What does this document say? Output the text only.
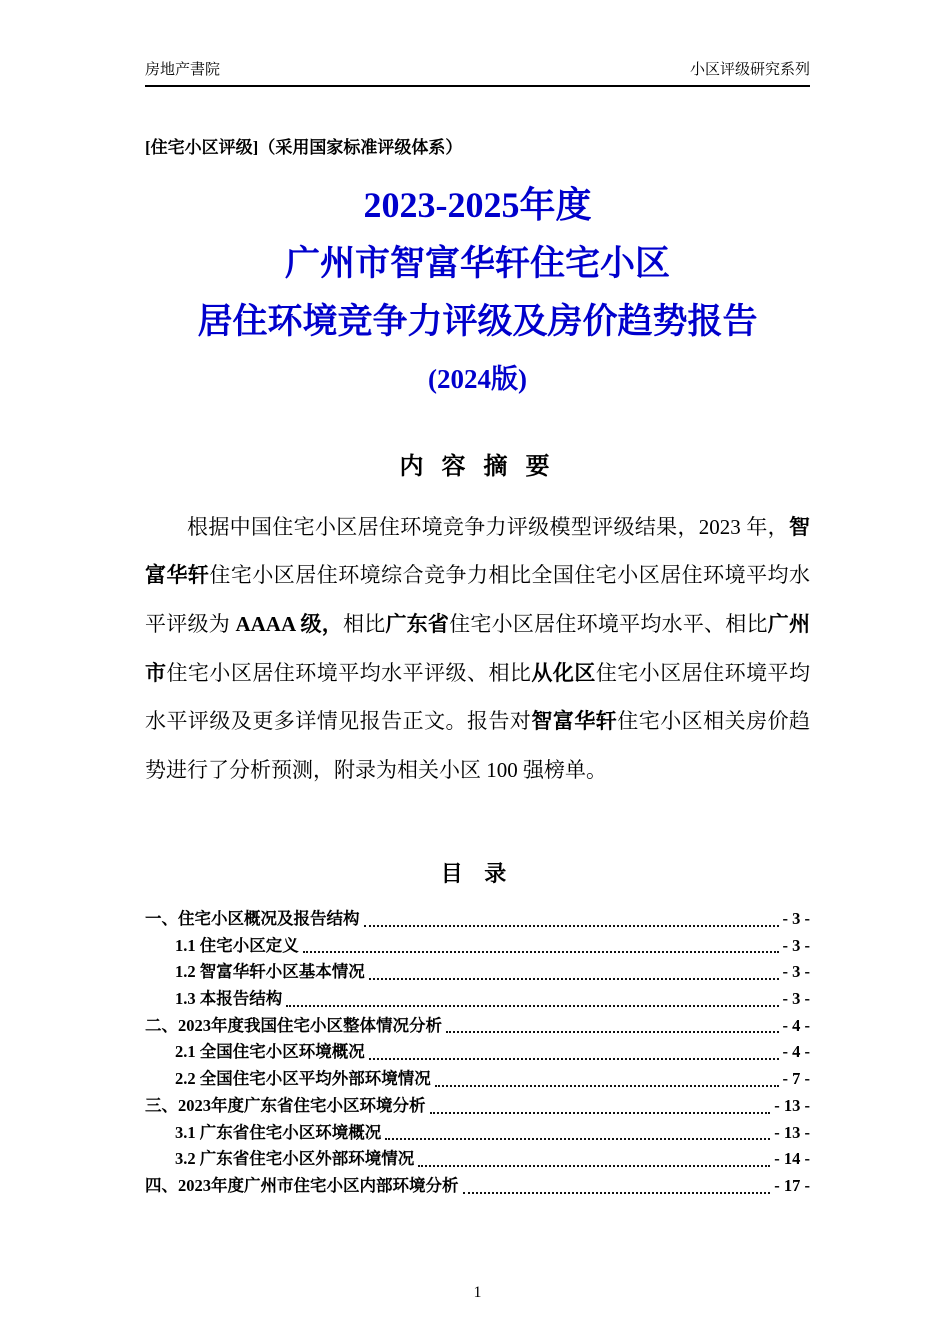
房地产書院	小区评级研究系列
[住宅小区评级]（采用国家标准评级体系）
2023-2025年度
广州市智富华轩住宅小区
居住环境竞争力评级及房价趋势报告
(2024版)
内 容 摘 要

根据中国住宅小区居住环境竞争力评级模型评级结果，2023 年，智富华轩住宅小区居住环境综合竞争力相比全国住宅小区居住环境平均水平评级为 AAAA 级，相比广东省住宅小区居住环境平均水平、相比广州市住宅小区居住环境平均水平评级、相比从化区住宅小区居住环境平均水平评级及更多详情见报告正文。报告对智富华轩住宅小区相关房价趋势进行了分析预测，附录为相关小区 100 强榜单。

目 录
一、住宅小区概况及报告结构	- 3 -
1.1 住宅小区定义	- 3 -
1.2 智富华轩小区基本情况	- 3 -
1.3 本报告结构	- 3 -
二、2023年度我国住宅小区整体情况分析	- 4 -
2.1 全国住宅小区环境概况	- 4 -
2.2 全国住宅小区平均外部环境情况	- 7 -
三、2023年度广东省住宅小区环境分析	- 13 -
3.1 广东省住宅小区环境概况	- 13 -
3.2 广东省住宅小区外部环境情况	- 14 -
四、2023年度广州市住宅小区内部环境分析	- 17 -
1
